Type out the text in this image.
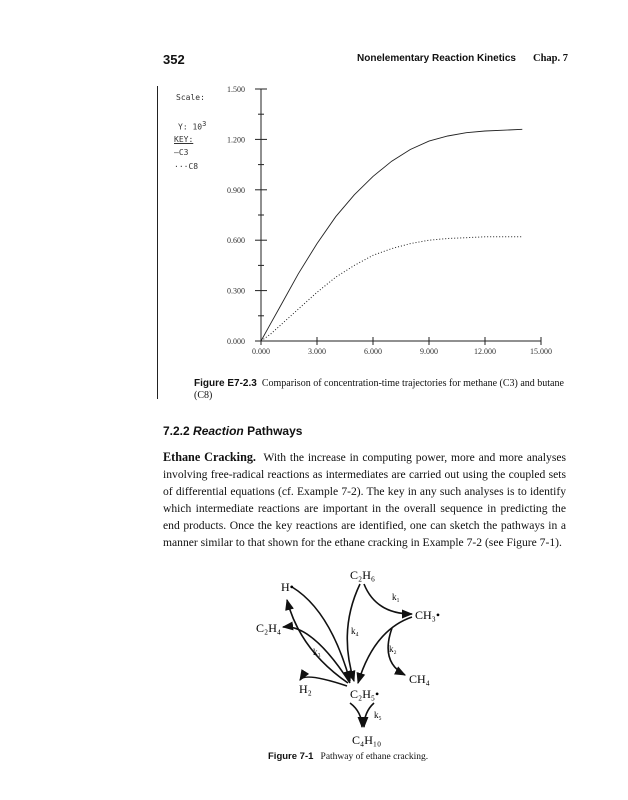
352	Nonelementary Reaction Kinetics Chap. 7
Scale:
Y: $10^3$
KEY:
—C3
···C8
0.000
0.300
0.600
0.900
1.200
1.500
0.000	3.000	6.000	9.000	12.000	15.000
Figure E7-2.3 Comparison of concentration-time trajectories for methane (C3) and butane (C8)
7.2.2 Reaction Pathways
Ethane Cracking. With the increase in computing power, more and more analyses involving free-radical reactions as intermediates are carried out using the coupled sets of differential equations (cf. Example 7-2). The key in any such analyses is to identify which intermediate reactions are important in the overall sequence in predicting the end products. Once the key reactions are identified, one can sketch the pathways in a manner similar to that shown for the ethane cracking in Example 7-2 (see Figure 7-1).
C₂H₆
H•
C₂H₄
CH₃•
CH₄
H₂	C₂H₅•
C₄H₁₀
k₁
k₂
k₃
k₄
k₅
Figure 7-1 Pathway of ethane cracking.
